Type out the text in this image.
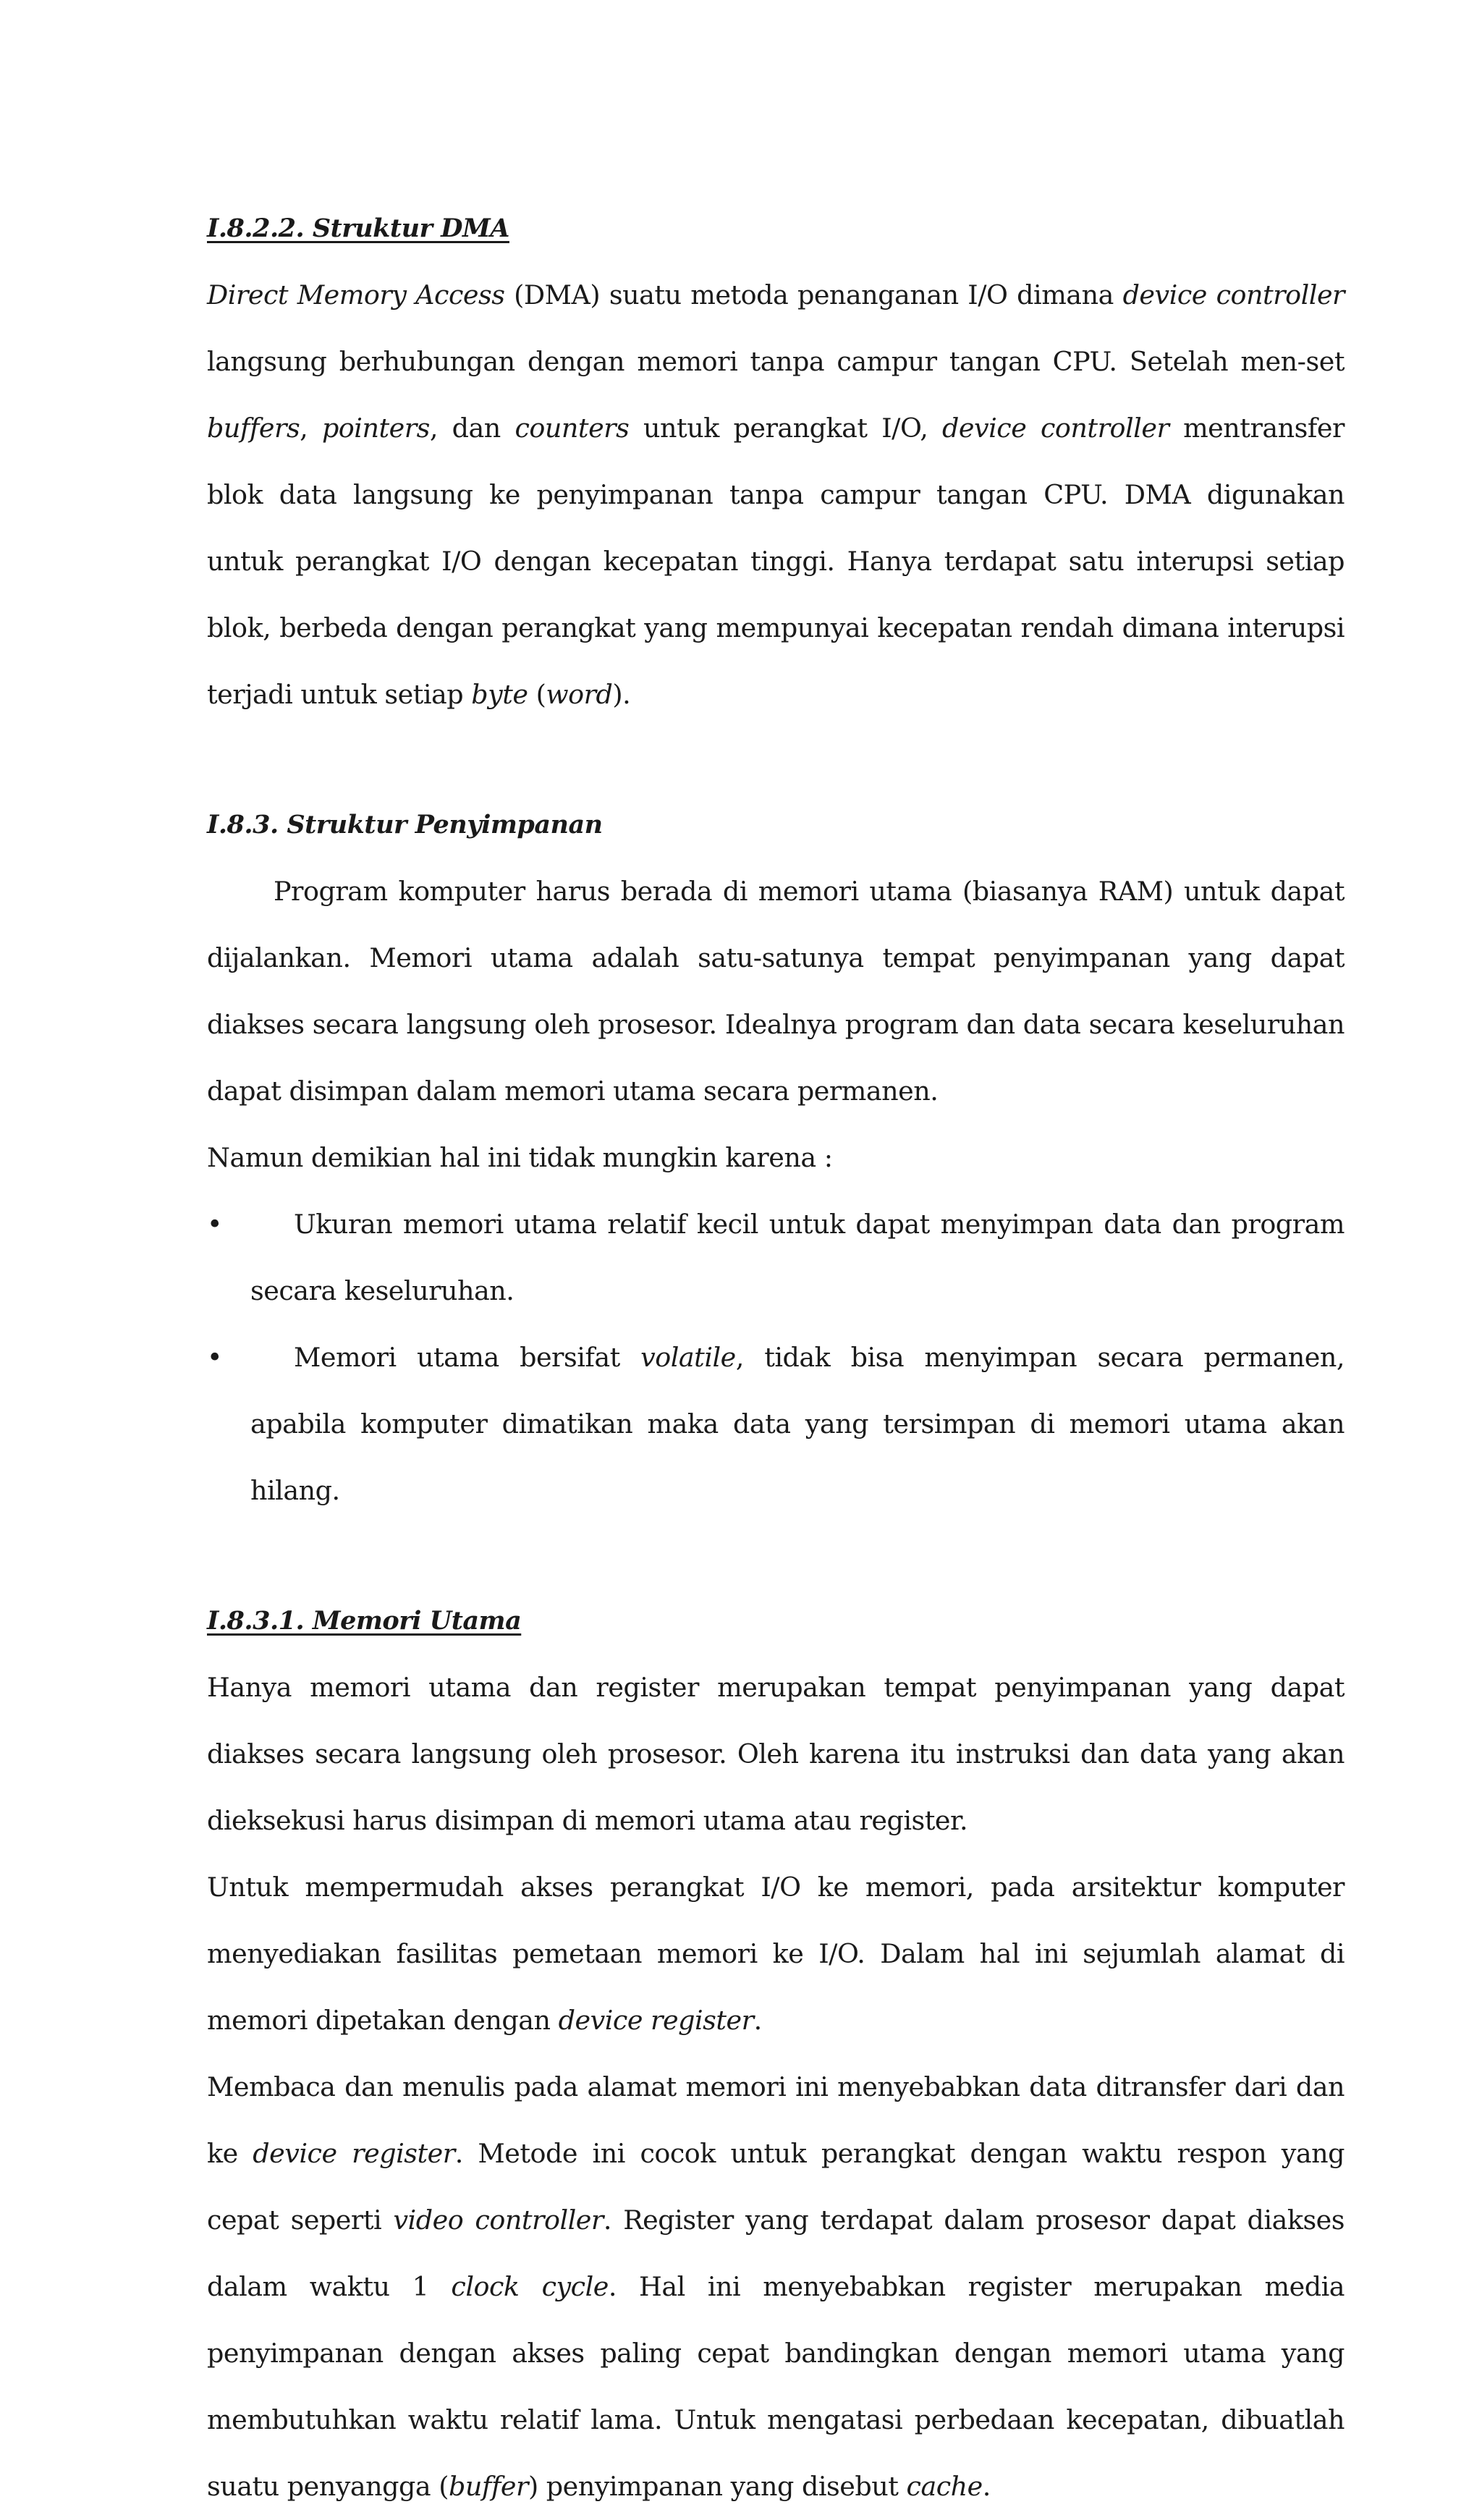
I.8.2.2. Struktur DMA

Direct Memory Access (DMA) suatu metoda penanganan I/O dimana device controller langsung berhubungan dengan memori tanpa campur tangan CPU. Setelah men-set buffers, pointers, dan counters untuk perangkat I/O, device controller mentransfer blok data langsung ke penyimpanan tanpa campur tangan CPU. DMA digunakan untuk perangkat I/O dengan kecepatan tinggi. Hanya terdapat satu interupsi setiap blok, berbeda dengan perangkat yang mempunyai kecepatan rendah dimana interupsi terjadi untuk setiap byte (word).

I.8.3. Struktur Penyimpanan

Program komputer harus berada di memori utama (biasanya RAM) untuk dapat dijalankan. Memori utama adalah satu-satunya tempat penyimpanan yang dapat diakses secara langsung oleh prosesor. Idealnya program dan data secara keseluruhan dapat disimpan dalam memori utama secara permanen.

Namun demikian hal ini tidak mungkin karena :

•	Ukuran memori utama relatif kecil untuk dapat menyimpan data dan program secara keseluruhan.
•	Memori utama bersifat volatile, tidak bisa menyimpan secara permanen, apabila komputer dimatikan maka data yang tersimpan di memori utama akan hilang.
I.8.3.1. Memori Utama

Hanya memori utama dan register merupakan tempat penyimpanan yang dapat diakses secara langsung oleh prosesor. Oleh karena itu instruksi dan data yang akan dieksekusi harus disimpan di memori utama atau register.

Untuk mempermudah akses perangkat I/O ke memori, pada arsitektur komputer menyediakan fasilitas pemetaan memori ke I/O. Dalam hal ini sejumlah alamat di memori dipetakan dengan device register.

Membaca dan menulis pada alamat memori ini menyebabkan data ditransfer dari dan ke device register. Metode ini cocok untuk perangkat dengan waktu respon yang cepat seperti video controller. Register yang terdapat dalam prosesor dapat diakses dalam waktu 1 clock cycle. Hal ini menyebabkan register merupakan media penyimpanan dengan akses paling cepat bandingkan dengan memori utama yang membutuhkan waktu relatif lama. Untuk mengatasi perbedaan kecepatan, dibuatlah suatu penyangga (buffer) penyimpanan yang disebut cache.
